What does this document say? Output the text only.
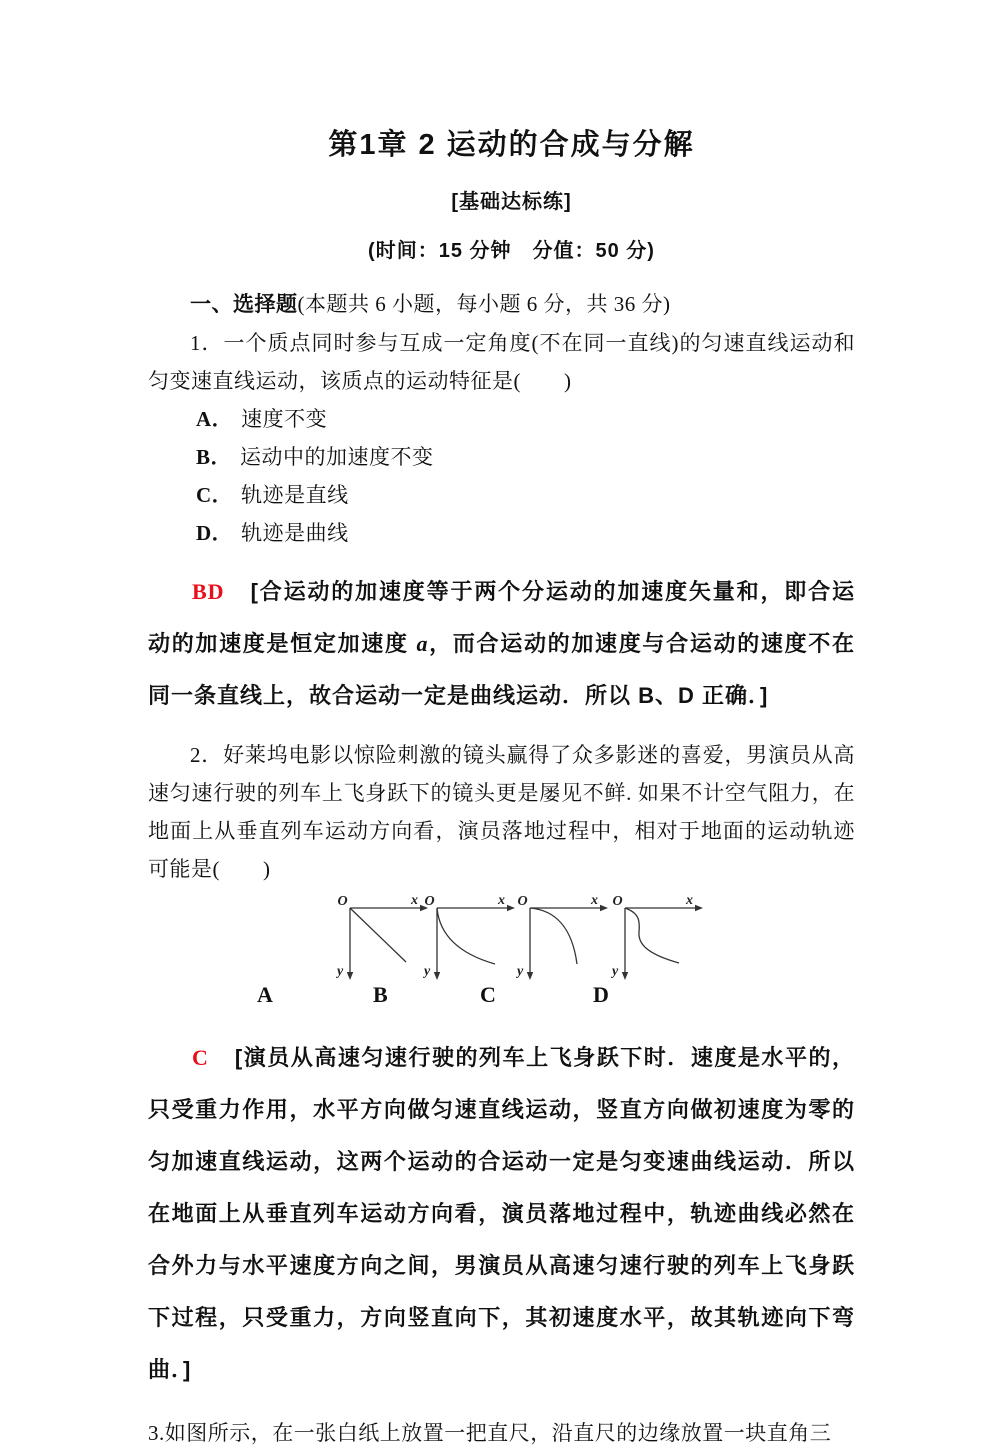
第1章 2 运动的合成与分解
[基础达标练]
(时间：15 分钟　分值：50 分)

一、选择题(本题共 6 小题，每小题 6 分，共 36 分)

1．一个质点同时参与互成一定角度(不在同一直线)的匀速直线运动和匀变速直线运动，该质点的运动特征是(　　)

A． 速度不变
B． 运动中的加速度不变
C． 轨迹是直线
D． 轨迹是曲线

BD [合运动的加速度等于两个分运动的加速度矢量和，即合运动的加速度是恒定加速度 a，而合运动的加速度与合运动的速度不在同一条直线上，故合运动一定是曲线运动．所以 B、D 正确．]

2．好莱坞电影以惊险刺激的镜头赢得了众多影迷的喜爱，男演员从高速匀速行驶的列车上飞身跃下的镜头更是屡见不鲜. 如果不计空气阻力，在地面上从垂直列车运动方向看，演员落地过程中，相对于地面的运动轨迹可能是(　　)

O	x
y
O	x
y
O	x
y
O	x
y
A	B	C	D

C [演员从高速匀速行驶的列车上飞身跃下时．速度是水平的，只受重力作用，水平方向做匀速直线运动，竖直方向做初速度为零的匀加速直线运动，这两个运动的合运动一定是匀变速曲线运动．所以在地面上从垂直列车运动方向看，演员落地过程中，轨迹曲线必然在合外力与水平速度方向之间，男演员从高速匀速行驶的列车上飞身跃下过程，只受重力，方向竖直向下，其初速度水平，故其轨迹向下弯曲．]

3.如图所示，在一张白纸上放置一把直尺，沿直尺的边缘放置一块直角三
